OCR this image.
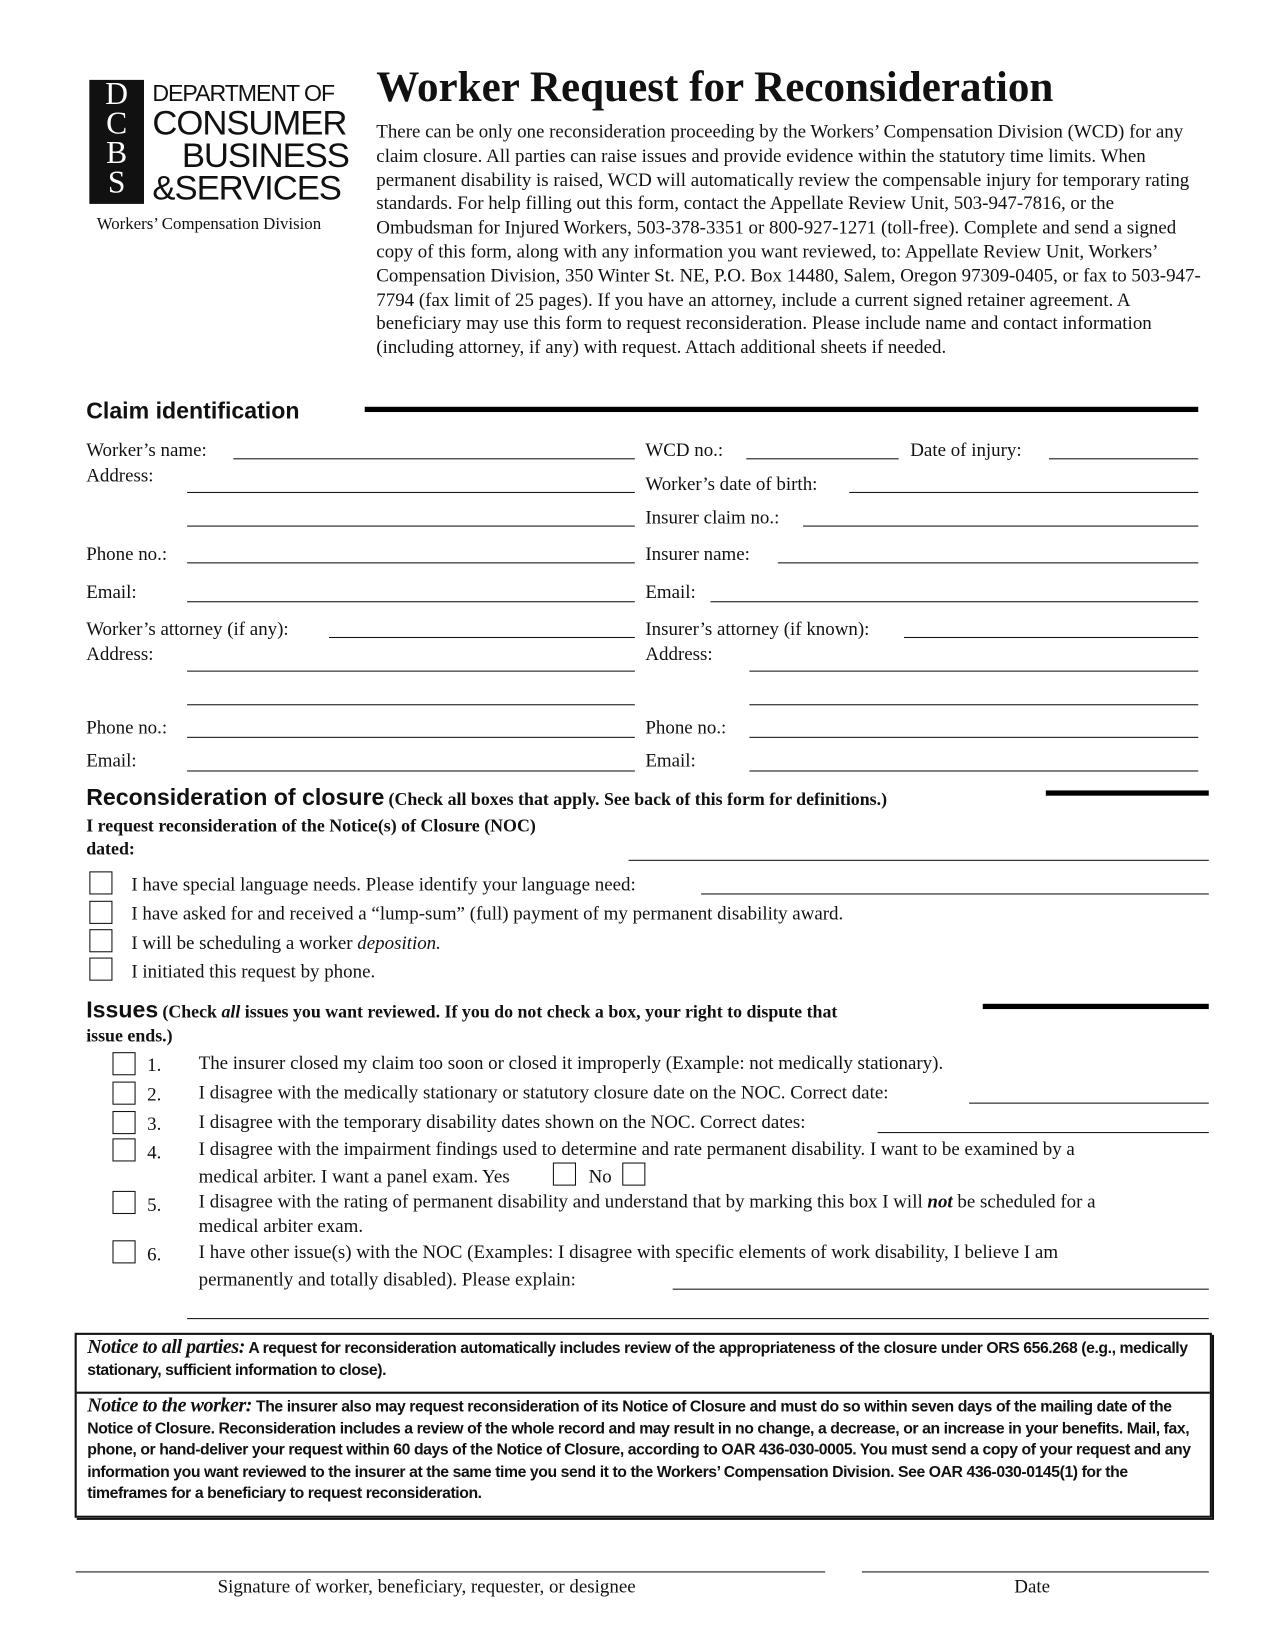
D
C
B
S
DEPARTMENT OF
CONSUMER
BUSINESS
&SERVICES
Workers’ Compensation Division
Worker Request for Reconsideration
There can be only one reconsideration proceeding by the Workers’ Compensation Division (WCD) for any claim closure. All parties can raise issues and provide evidence within the statutory time limits. When permanent disability is raised, WCD will automatically review the compensable injury for temporary rating standards. For help filling out this form, contact the Appellate Review Unit, 503-947-7816, or the Ombudsman for Injured Workers, 503-378-3351 or 800-927-1271 (toll-free). Complete and send a signed copy of this form, along with any information you want reviewed, to: Appellate Review Unit, Workers’ Compensation Division, 350 Winter St. NE, P.O. Box 14480, Salem, Oregon 97309-0405, or fax to 503-947-7794 (fax limit of 25 pages). If you have an attorney, include a current signed retainer agreement. A beneficiary may use this form to request reconsideration. Please include name and contact information (including attorney, if any) with request. Attach additional sheets if needed.
Claim identification
Worker’s name:
Address:
Phone no.:
Email:
Worker’s attorney (if any):
Address:
Phone no.:
Email:
WCD no.:	Date of injury:
Worker’s date of birth:
Insurer claim no.:
Insurer name:
Email:
Insurer’s attorney (if known):
Address:
Phone no.:
Email:
Reconsideration of closure (Check all boxes that apply. See back of this form for definitions.)
I request reconsideration of the Notice(s) of Closure (NOC)
dated:
I have special language needs. Please identify your language need:
I have asked for and received a “lump-sum” (full) payment of my permanent disability award.
I will be scheduling a worker deposition.
I initiated this request by phone.
Issues (Check all issues you want reviewed. If you do not check a box, your right to dispute that
issue ends.)
1. The insurer closed my claim too soon or closed it improperly (Example: not medically stationary).
2. I disagree with the medically stationary or statutory closure date on the NOC. Correct date:
3. I disagree with the temporary disability dates shown on the NOC. Correct dates:
4. I disagree with the impairment findings used to determine and rate permanent disability. I want to be examined by a
medical arbiter. I want a panel exam. Yes	No
5. I disagree with the rating of permanent disability and understand that by marking this box I will not be scheduled for a
medical arbiter exam.
6. I have other issue(s) with the NOC (Examples: I disagree with specific elements of work disability, I believe I am
permanently and totally disabled). Please explain:
Notice to all parties: A request for reconsideration automatically includes review of the appropriateness of the closure under ORS 656.268 (e.g., medically stationary, sufficient information to close).
Notice to the worker: The insurer also may request reconsideration of its Notice of Closure and must do so within seven days of the mailing date of the Notice of Closure. Reconsideration includes a review of the whole record and may result in no change, a decrease, or an increase in your benefits. Mail, fax, phone, or hand-deliver your request within 60 days of the Notice of Closure, according to OAR 436-030-0005. You must send a copy of your request and any information you want reviewed to the insurer at the same time you send it to the Workers’ Compensation Division. See OAR 436-030-0145(1) for the timeframes for a beneficiary to request reconsideration.
Signature of worker, beneficiary, requester, or designee	Date
